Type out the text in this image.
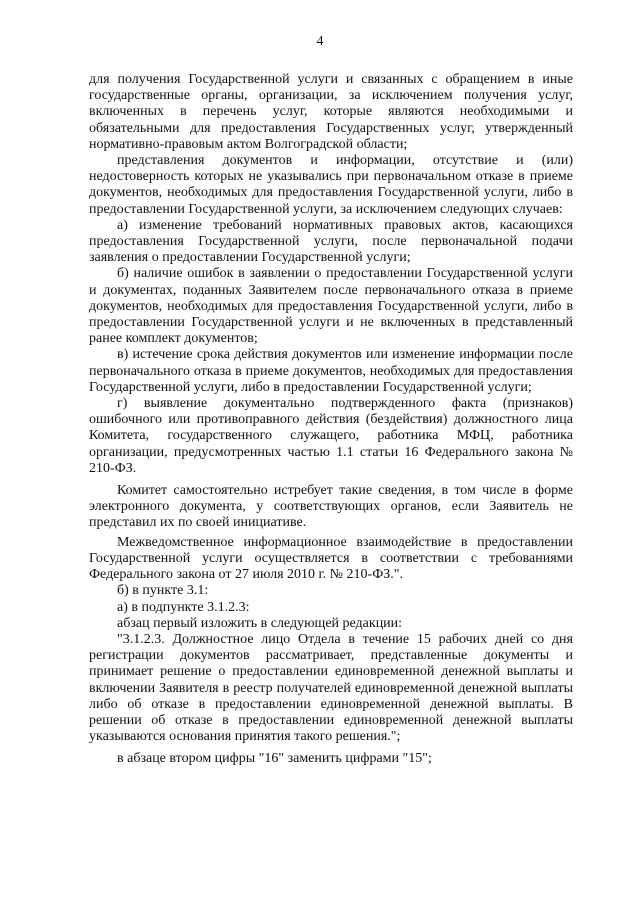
4

для получения Государственной услуги и связанных с обращением в иные государственные органы, организации, за исключением получения услуг, включенных в перечень услуг, которые являются необходимыми и обязательными для предоставления Государственных услуг, утвержденный нормативно-правовым актом Волгоградской области;

представления документов и информации, отсутствие и (или) недостоверность которых не указывались при первоначальном отказе в приеме документов, необходимых для предоставления Государственной услуги, либо в предоставлении Государственной услуги, за исключением следующих случаев:

а) изменение требований нормативных правовых актов, касающихся предоставления Государственной услуги, после первоначальной подачи заявления о предоставлении Государственной услуги;

б) наличие ошибок в заявлении о предоставлении Государственной услуги и документах, поданных Заявителем после первоначального отказа в приеме документов, необходимых для предоставления Государственной услуги, либо в предоставлении Государственной услуги и не включенных в представленный ранее комплект документов;

в) истечение срока действия документов или изменение информации после первоначального отказа в приеме документов, необходимых для предоставления Государственной услуги, либо в предоставлении Государственной услуги;

г) выявление документально подтвержденного факта (признаков) ошибочного или противоправного действия (бездействия) должностного лица Комитета, государственного служащего, работника МФЦ, работника организации, предусмотренных частью 1.1 статьи 16 Федерального закона № 210-ФЗ.

Комитет самостоятельно истребует такие сведения, в том числе в форме электронного документа, у соответствующих органов, если Заявитель не представил их по своей инициативе.

Межведомственное информационное взаимодействие в предоставлении Государственной услуги осуществляется в соответствии с требованиями Федерального закона от 27 июля 2010 г. № 210-ФЗ.".

б) в пункте 3.1:

а) в подпункте 3.1.2.3:

абзац первый изложить в следующей редакции:

"3.1.2.3. Должностное лицо Отдела в течение 15 рабочих дней со дня регистрации документов рассматривает, представленные документы и принимает решение о предоставлении единовременной денежной выплаты и включении Заявителя в реестр получателей единовременной денежной выплаты либо об отказе в предоставлении единовременной денежной выплаты. В решении об отказе в предоставлении единовременной денежной выплаты указываются основания принятия такого решения.";

в абзаце втором цифры "16" заменить цифрами "15";
